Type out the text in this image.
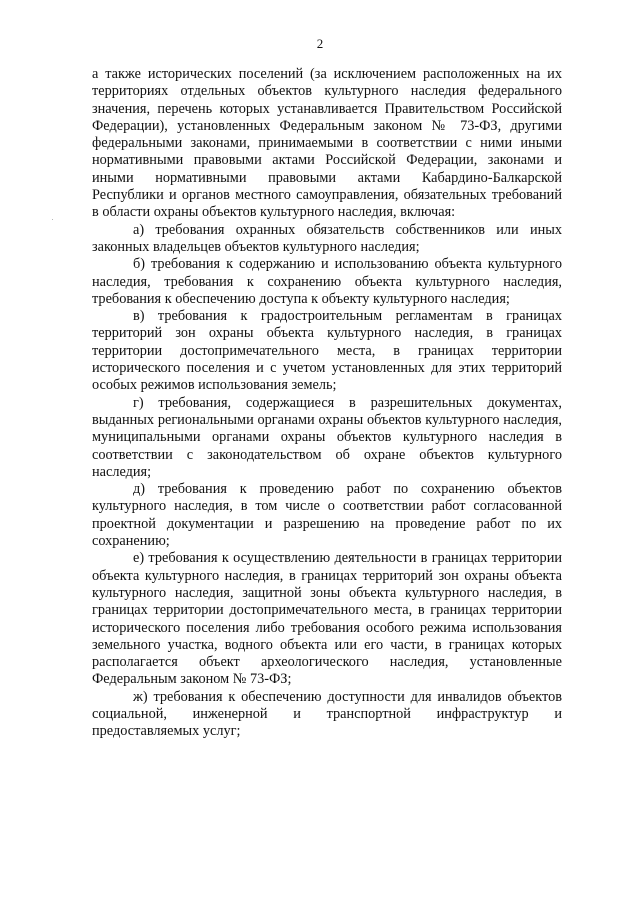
2

а также исторических поселений (за исключением расположенных на их территориях отдельных объектов культурного наследия федерального значения, перечень которых устанавливается Правительством Российской Федерации), установленных Федеральным законом № 73-ФЗ, другими федеральными законами, принимаемыми в соответствии с ними иными нормативными правовыми актами Российской Федерации, законами и иными нормативными правовыми актами Кабардино-Балкарской Республики и органов местного самоуправления, обязательных требований в области охраны объектов культурного наследия, включая:

а) требования охранных обязательств собственников или иных законных владельцев объектов культурного наследия;

б) требования к содержанию и использованию объекта культурного наследия, требования к сохранению объекта культурного наследия, требования к обеспечению доступа к объекту культурного наследия;

в) требования к градостроительным регламентам в границах территорий зон охраны объекта культурного наследия, в границах территории достопримечательного места, в границах территории исторического поселения и с учетом установленных для этих территорий особых режимов использования земель;

г) требования, содержащиеся в разрешительных документах, выданных региональными органами охраны объектов культурного наследия, муниципальными органами охраны объектов культурного наследия в соответствии с законодательством об охране объектов культурного наследия;

д) требования к проведению работ по сохранению объектов культурного наследия, в том числе о соответствии работ согласованной проектной документации и разрешению на проведение работ по их сохранению;

е) требования к осуществлению деятельности в границах территории объекта культурного наследия, в границах территорий зон охраны объекта культурного наследия, защитной зоны объекта культурного наследия, в границах территории достопримечательного места, в границах территории исторического поселения либо требования особого режима использования земельного участка, водного объекта или его части, в границах которых располагается объект археологического наследия, установленные Федеральным законом № 73-ФЗ;

ж) требования к обеспечению доступности для инвалидов объектов социальной, инженерной и транспортной инфраструктур и предоставляемых услуг;
